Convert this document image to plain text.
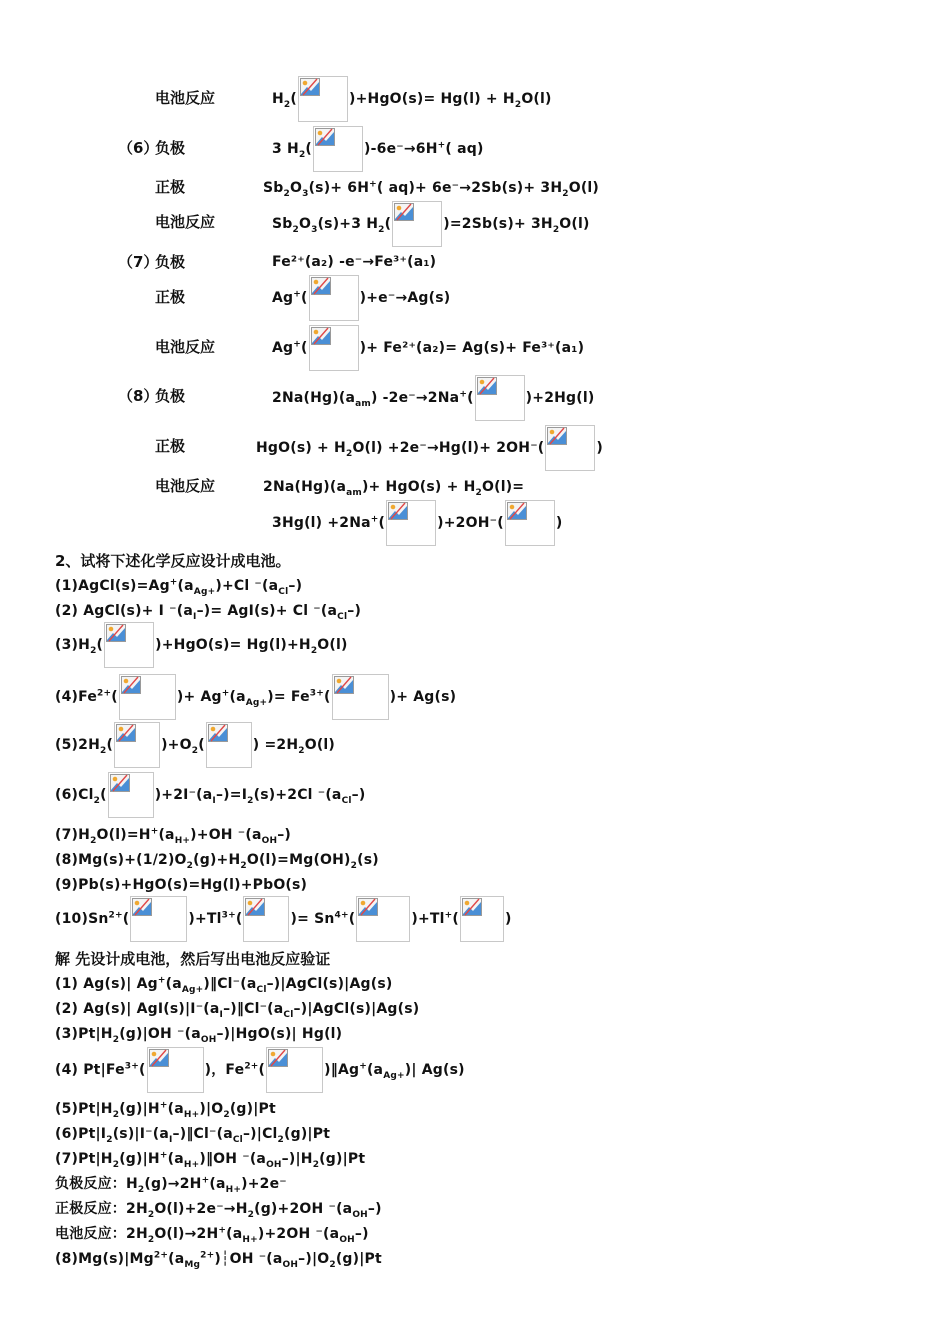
电池反应	$H_2$(	)$+HgO(s)= Hg(l) + H_2O(l)$
（6）
负极	3 $H_2$(	)-6e⁻→6H+( aq)
正极	$Sb_2O_3(s)+ 6H^+$( $aq)+ 6e^-\to 2Sb(s)+ 3H_2O(l)$
电池反应	$Sb_2O_3(s)+3$ $H_2$(	)$=2Sb(s)+ 3H_2O(l)$
（7）
负极	Fe²⁺(a₂) -e⁻→Fe³⁺(a₁)
正极	Ag+(	)+e⁻→Ag(s)
电池反应	Ag+(	)+ Fe²⁺(a₂)= Ag(s)+ Fe³⁺(a₁)
（8）
负极	$2Na(Hg)(a_{am})$ -2e⁻→2Na+(	)+2Hg(l)
正极	$HgO(s) + H_2O(l) +2e^-\to Hg(l)+ 2OH^-$(	)
电池反应	$2Na(Hg)(a_{am})+ HgO(s) + H_2O(l)=$
3Hg(l) +2Na+(	)+2OH⁻(	)
2、试将下述化学反应设计成电池。
$(1)AgCl(s)=Ag^+(a_{Ag+})+Cl$ $^-(a_{Cl}-)$
(2) AgCl(s)+ I $^-(a_I-)= AgI(s)+ Cl$ $^-(a_{Cl}-)$
$(3)H_2$(	)$+HgO(s)= Hg(l)+H_2O(l)$
$(4)Fe^{2+}$(	)+ $Ag^+(a_{Ag+})= Fe^{3+}$(	)+ Ag(s)
$(5)2H_2$(	)$+O_2$(	) $=2H_2O(l)$
$(6)Cl_2$(	)$+2I^-(a_I-)=I_2(s)+2Cl$ $^-(a_{Cl}-)$
$(7)H_2O(l)=H^+(a_{H+})+OH$ $^-(a_{OH}-)$
$(8)Mg(s)+(1/2)O_2(g)+H_2O(l)=Mg(OH)_2(s)$
(9)Pb(s)+HgO(s)=Hg(l)+PbO(s)
$(10)Sn^{2+}$(	)$+Tl^{3+}$(	)= $Sn^{4+}$(	)+Tl+(	)
解 先设计成电池，然后写出电池反应验证
(1) Ag(s)| $Ag^+(a_{Ag+})‖Cl^-(a_{Cl}-)|AgCl(s)|Ag(s)$
(2) Ag(s)| $AgI(s)|I^-(a_I-)‖Cl^-(a_{Cl}-)|AgCl(s)|Ag(s)$
$(3)Pt|H_2(g)|OH$ $^-(a_{OH}-)|HgO(s)|$ Hg(l)
(4) $Pt|Fe^{3+}$(	)，$Fe^{2+}$(	)$‖Ag^+(a_{Ag+})|$ Ag(s)
$(5)Pt|H_2(g)|H^+(a_{H+})|O_2(g)|Pt$
$(6)Pt|I_2(s)|I^-(a_I-)‖Cl^-(a_{Cl}-)|Cl_2(g)|Pt$
$(7)Pt|H_2(g)|H^+(a_{H+})‖OH$ $^-(a_{OH}-)|H_2(g)|Pt$
负极反应：$H_2(g)\to 2H^+(a_{H+})+2e^-$
正极反应：$2H_2O(l)+2e^-\to H_2(g)+2OH$ $^-(a_{OH}-)$
电池反应：$2H_2O(l)\to 2H^+(a_{H+})+2OH$ $^-(a_{OH}-)$
$(8)Mg(s)|Mg^{2+}(a_{Mg}^{2+})┆OH$ $^-(a_{OH}-)|O_2(g)|Pt$
